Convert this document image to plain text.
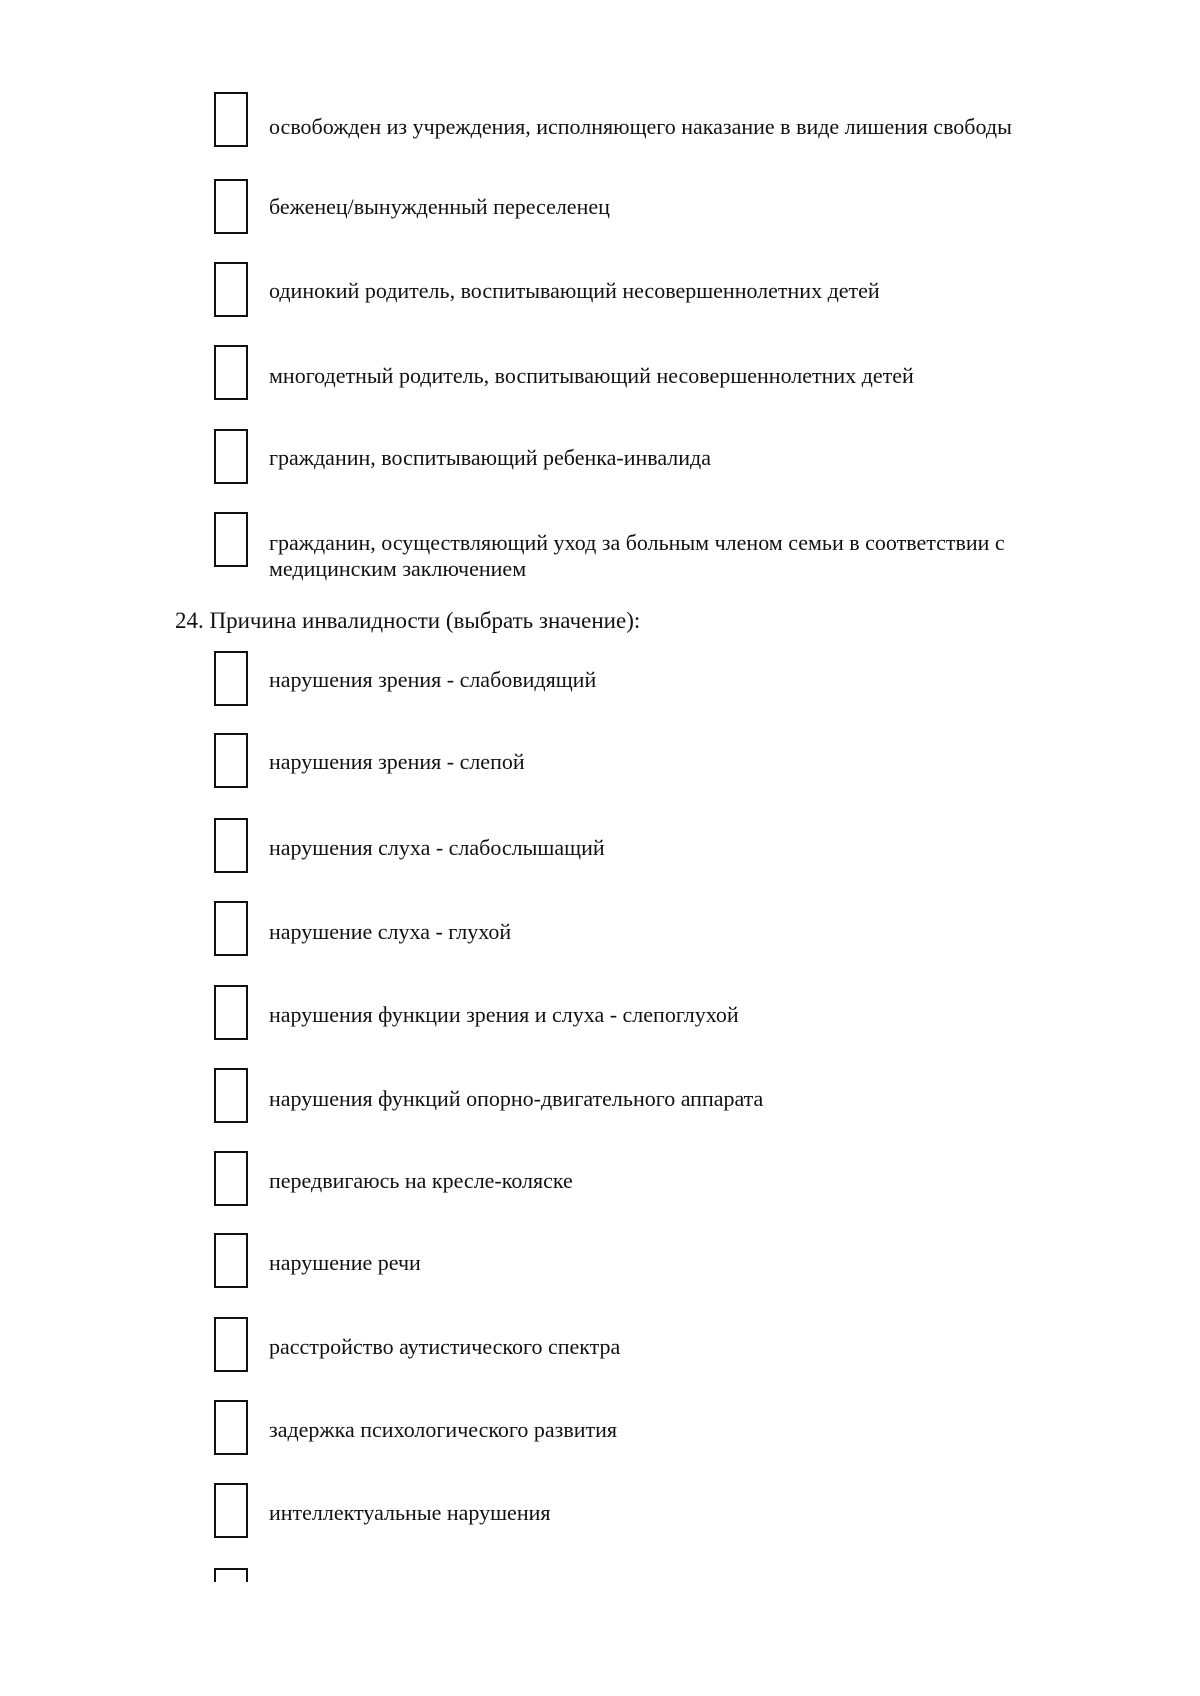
освобожден из учреждения, исполняющего наказание в виде лишения свободы
беженец/вынужденный переселенец
одинокий родитель, воспитывающий несовершеннолетних детей
многодетный родитель, воспитывающий несовершеннолетних детей
гражданин, воспитывающий ребенка-инвалида
гражданин, осуществляющий уход за больным членом семьи в соответствии с медицинским заключением
24. Причина инвалидности (выбрать значение):
нарушения зрения - слабовидящий
нарушения зрения - слепой
нарушения слуха - слабослышащий
нарушение слуха - глухой
нарушения функции зрения и слуха - слепоглухой
нарушения функций опорно-двигательного аппарата
передвигаюсь на кресле-коляске
нарушение речи
расстройство аутистического спектра
задержка психологического развития
интеллектуальные нарушения
